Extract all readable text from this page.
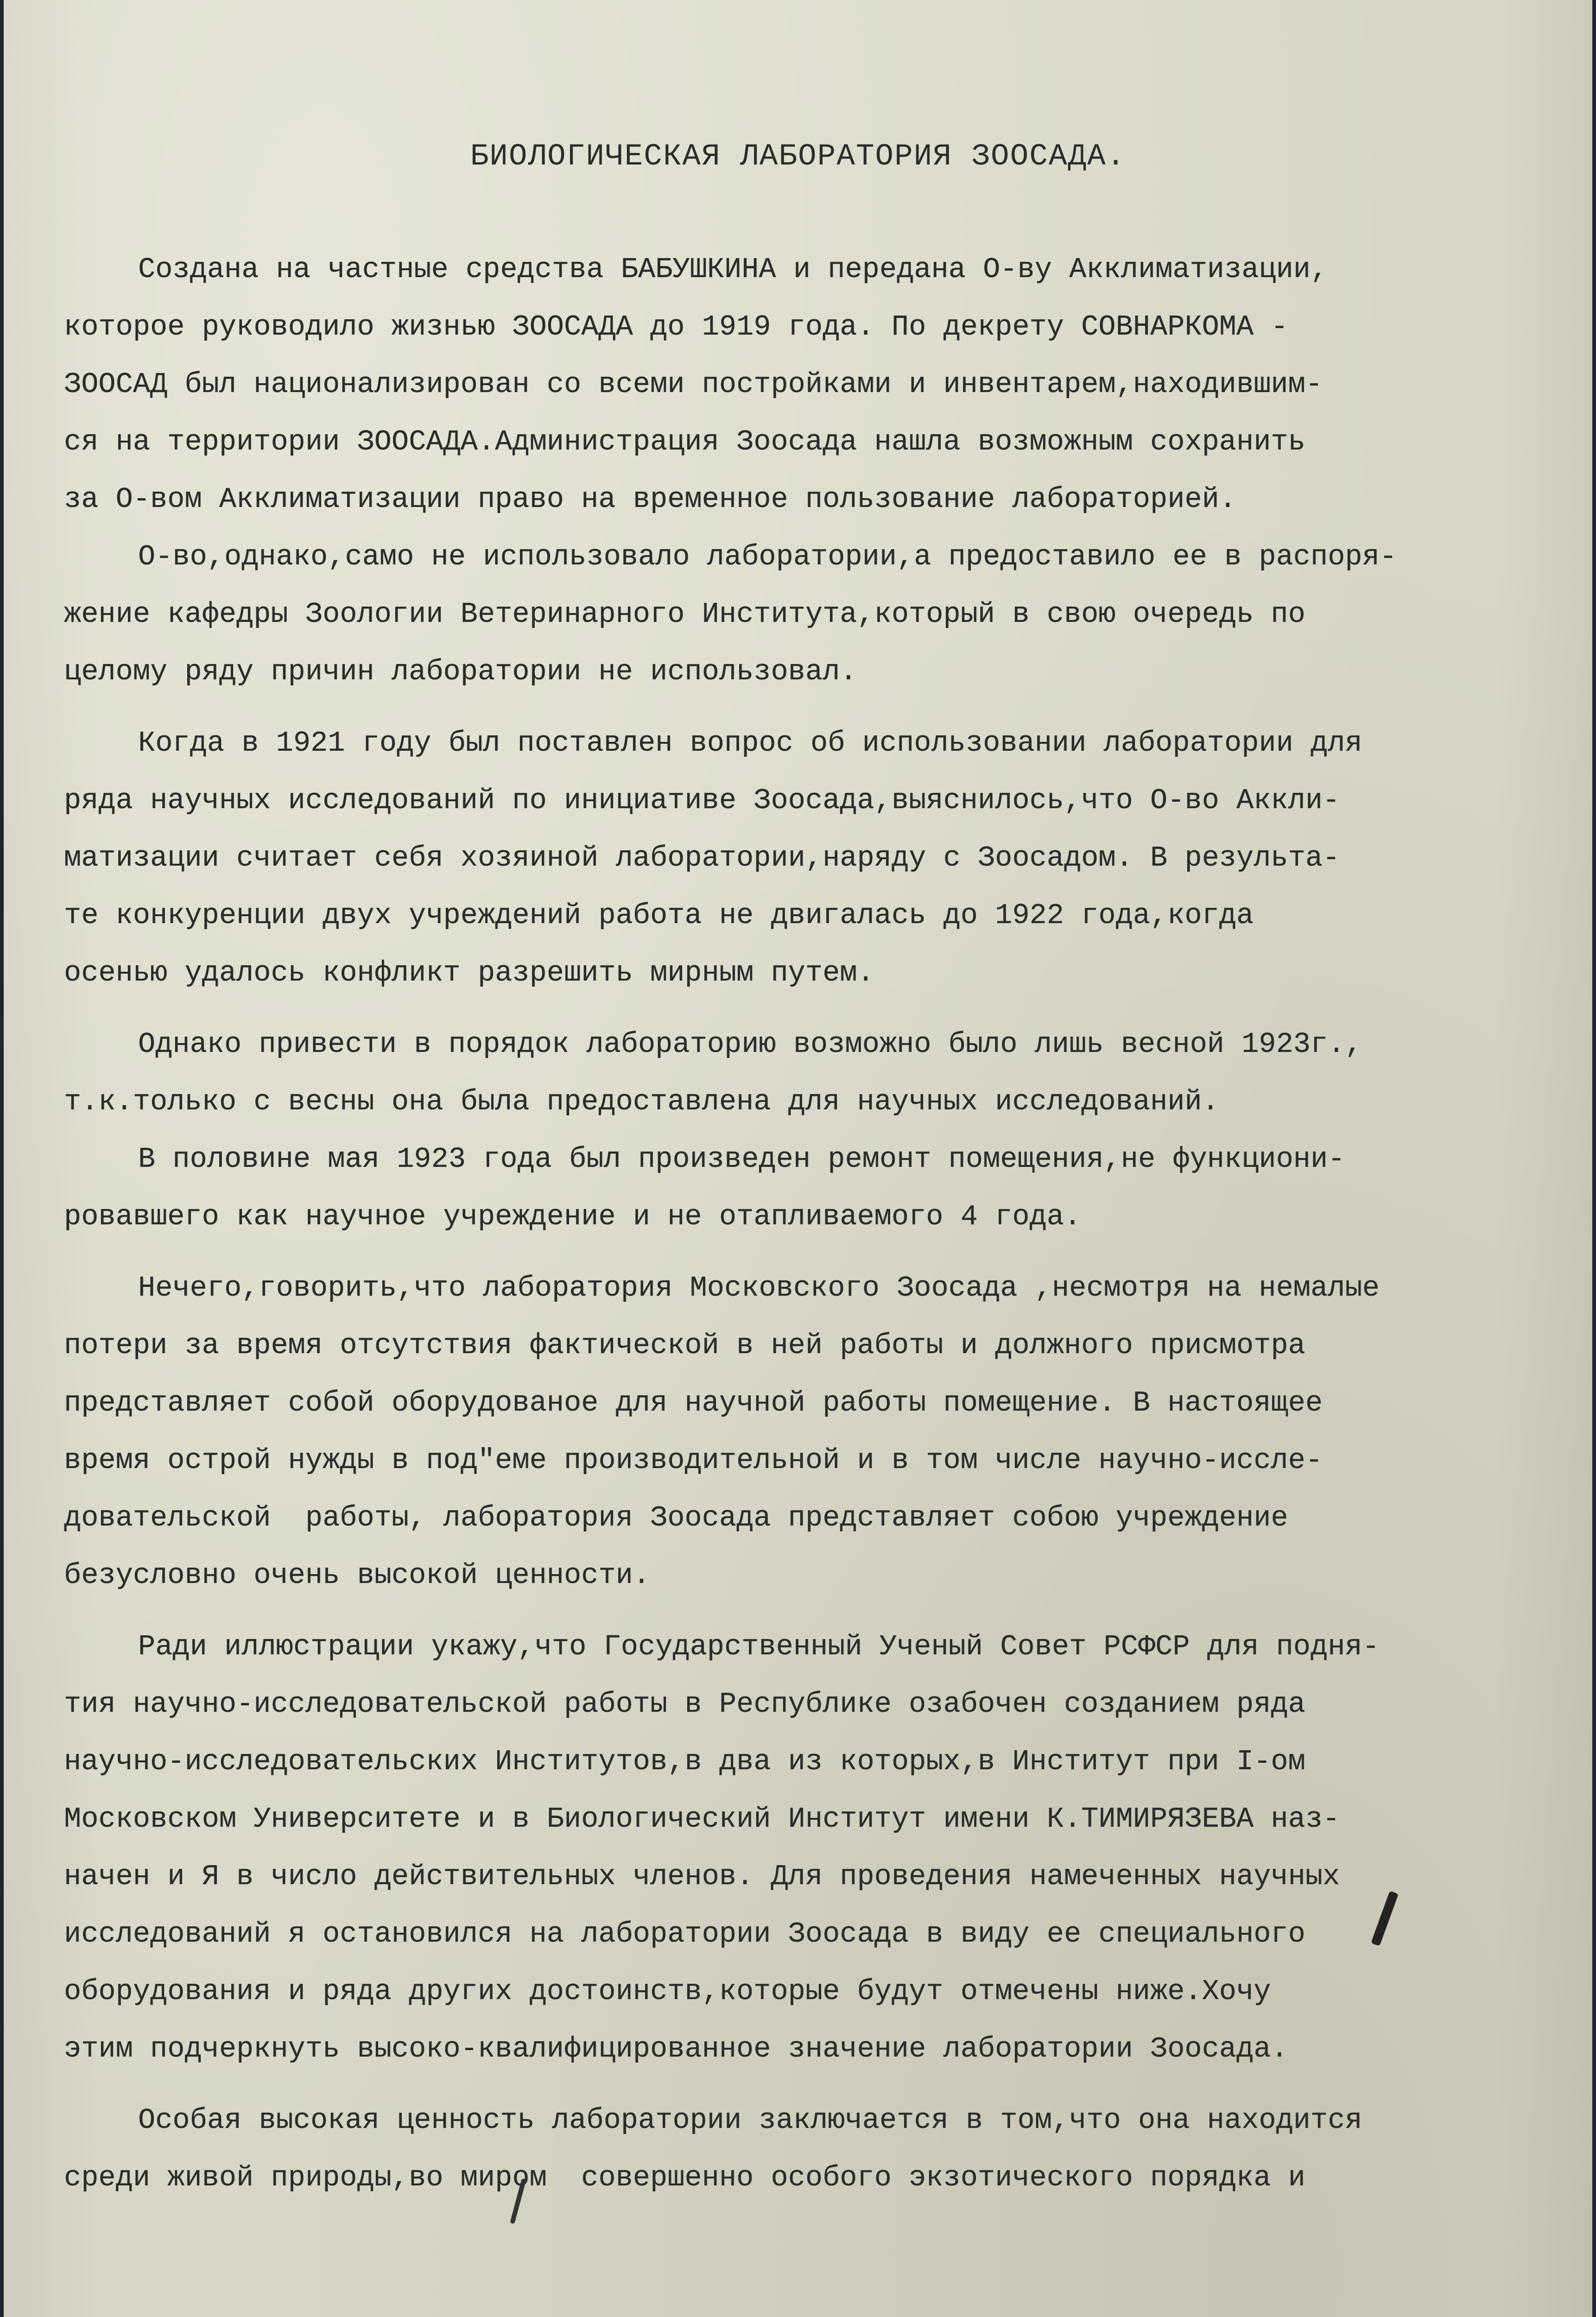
БИОЛОГИЧЕСКАЯ ЛАБОРАТОРИЯ ЗООСАДА.
Создана на частные средства БАБУШКИНА и передана О-ву Акклиматизации,
которое руководило жизнью ЗООСАДА до 1919 года. По декрету СОВНАРКОМА -
ЗООСАД был национализирован со всеми постройками и инвентарем,находившим-
ся на территории ЗООСАДА.Администрация Зоосада нашла возможным сохранить
за О-вом Акклиматизации право на временное пользование лабораторией.
О-во,однако,само не использовало лаборатории,а предоставило ее в распоря-
жение кафедры Зоологии Ветеринарного Института,который в свою очередь по
целому ряду причин лаборатории не использовал.
Когда в 1921 году был поставлен вопрос об использовании лаборатории для
ряда научных исследований по инициативе Зоосада,выяснилось,что О-во Аккли-
матизации считает себя хозяиной лаборатории,наряду с Зоосадом. В результа-
те конкуренции двух учреждений работа не двигалась до 1922 года,когда
осенью удалось конфликт разрешить мирным путем.
Однако привести в порядок лабораторию возможно было лишь весной 1923г.,
т.к.только с весны она была предоставлена для научных исследований.
В половине мая 1923 года был произведен ремонт помещения,не функциони-
ровавшего как научное учреждение и не отапливаемого 4 года.
Нечего,говорить,что лаборатория Московского Зоосада ,несмотря на немалые
потери за время отсутствия фактической в ней работы и должного присмотра
представляет собой оборудованое для научной работы помещение. В настоящее
время острой нужды в под"еме производительной и в том числе научно-иссле-
довательской  работы, лаборатория Зоосада представляет собою учреждение
безусловно очень высокой ценности.
Ради иллюстрации укажу,что Государственный Ученый Совет РСФСР для подня-
тия научно-исследовательской работы в Республике озабочен созданием ряда
научно-исследовательских Институтов,в два из которых,в Институт при I-ом
Московском Университете и в Биологический Институт имени К.ТИМИРЯЗЕВА наз-
начен и Я в число действительных членов. Для проведения намеченных научных
исследований я остановился на лаборатории Зоосада в виду ее специального
оборудования и ряда других достоинств,которые будут отмечены ниже.Хочу
этим подчеркнуть высоко-квалифицированное значение лаборатории Зоосада.
Особая высокая ценность лаборатории заключается в том,что она находится
среди живой природы,во миром  совершенно особого экзотического порядка и
